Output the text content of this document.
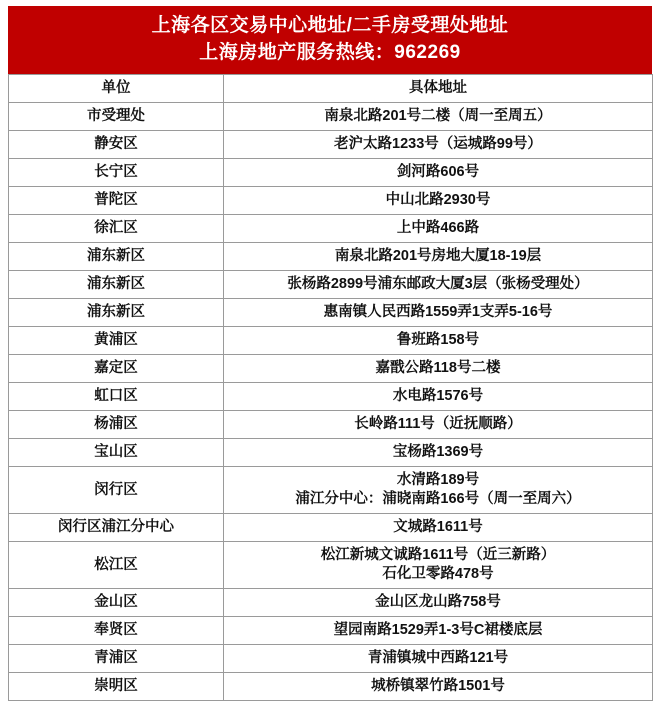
上海各区交易中心地址/二手房受理处地址
上海房地产服务热线：962269
单位	具体地址
市受理处	南泉北路201号二楼（周一至周五）

静安区	老沪太路1233号（运城路99号）

长宁区	剑河路606号

普陀区	中山北路2930号

徐汇区	上中路466路

浦东新区	南泉北路201号房地大厦18-19层

浦东新区	张杨路2899号浦东邮政大厦3层（张杨受理处）

浦东新区	惠南镇人民西路1559弄1支弄5-16号

黄浦区	鲁班路158号

嘉定区	嘉戬公路118号二楼

虹口区	水电路1576号

杨浦区	长岭路111号（近抚顺路）

宝山区	宝杨路1369号

闵行区	水清路189号
浦江分中心：浦晓南路166号（周一至周六）

闵行区浦江分中心	文城路1611号

松江区	松江新城文诚路1611号（近三新路）
石化卫零路478号

金山区	金山区龙山路758号

奉贤区	望园南路1529弄1-3号C裙楼底层

青浦区	青浦镇城中西路121号

崇明区	城桥镇翠竹路1501号
